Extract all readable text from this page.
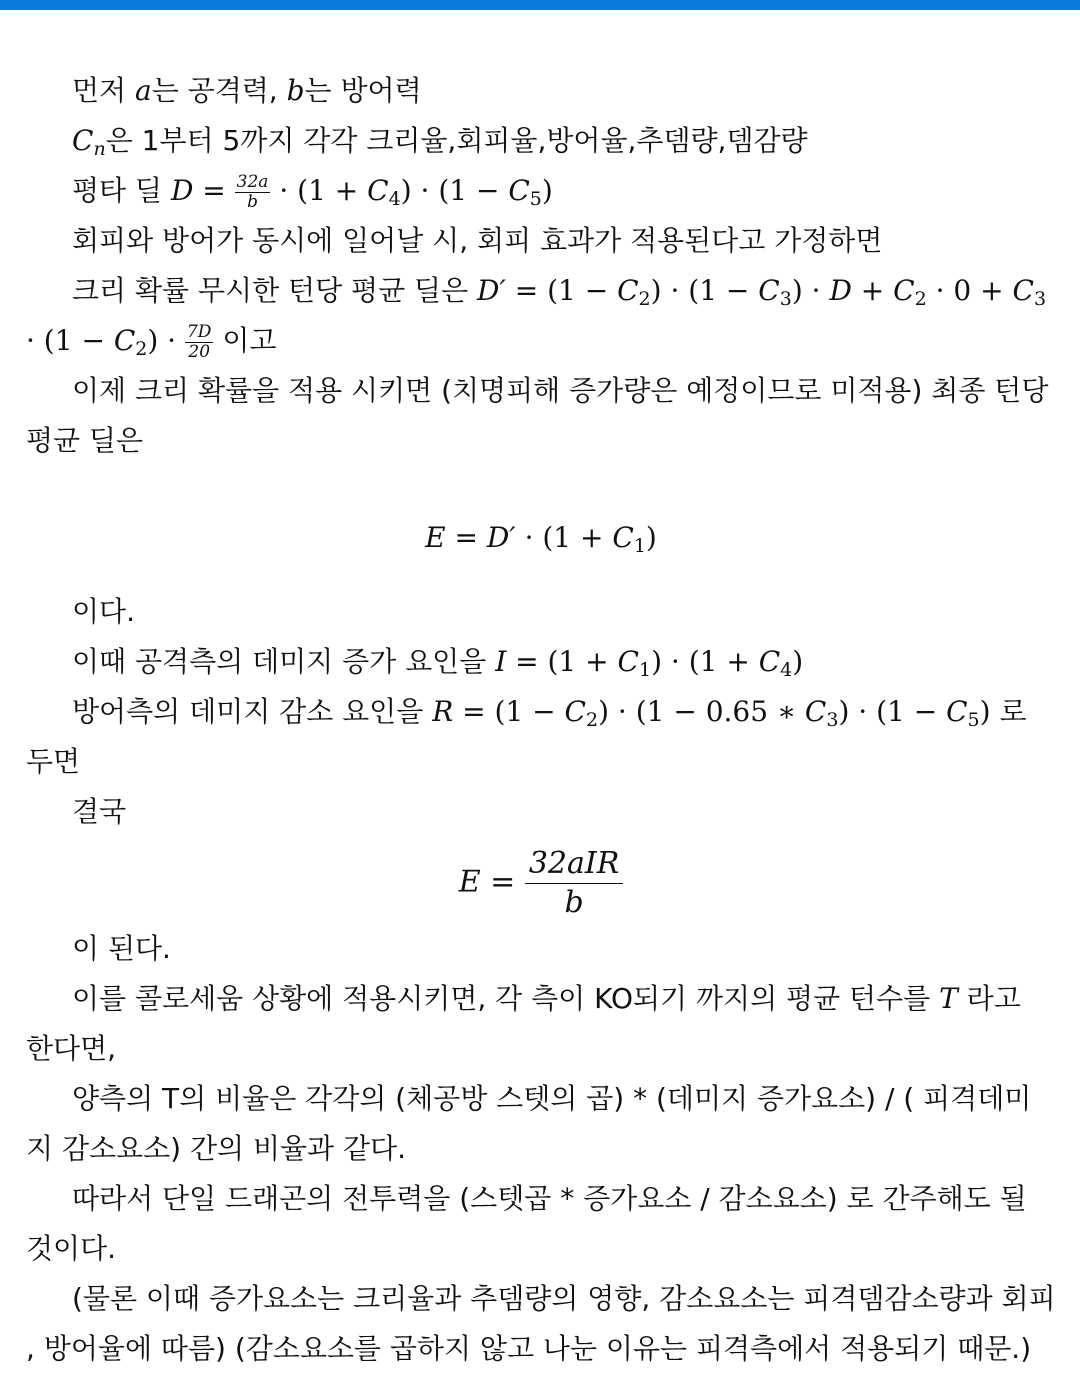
먼저 a는 공격력, b는 방어력

$C_n$은 1부터 5까지 각각 크리율,회피율,방어율,추뎀량,뎀감량

평타 딜 $D = \frac{32a}{b} \cdot (1 + C_4) \cdot (1 - C_5)$

회피와 방어가 동시에 일어날 시, 회피 효과가 적용된다고 가정하면

크리 확률 무시한 턴당 평균 딜은 $D' = (1 - C_2) \cdot (1 - C_3) \cdot D + C_2 \cdot 0 + C_3 \cdot (1 - C_2) \cdot \frac{7D}{20}$ 이고

이제 크리 확률을 적용 시키면 (치명피해 증가량은 예정이므로 미적용) 최종 턴당 평균 딜은

$E = D' \cdot (1 + C_1)$

이다.

이때 공격측의 데미지 증가 요인을 $I = (1 + C_1) \cdot (1 + C_4)$

방어측의 데미지 감소 요인을 $R = (1 - C_2) \cdot (1 - 0.65$ ∗ $C_3) \cdot (1 - C_5)$ 로 두면

결국

$E = \frac{\text{32aIR}}{b}$

이 된다.

이를 콜로세움 상황에 적용시키면, 각 측이 KO되기 까지의 평균 턴수를 T 라고 한다면,

양측의 T의 비율은 각각의 (체공방 스텟의 곱) * (데미지 증가요소) / ( 피격데미지 감소요소) 간의 비율과 같다.

따라서 단일 드래곤의 전투력을 (스텟곱 * 증가요소 / 감소요소) 로 간주해도 될 것이다.

(물론 이때 증가요소는 크리율과 추뎀량의 영향, 감소요소는 피격뎀감소량과 회피 , 방어율에 따름) (감소요소를 곱하지 않고 나눈 이유는 피격측에서 적용되기 때문.)
